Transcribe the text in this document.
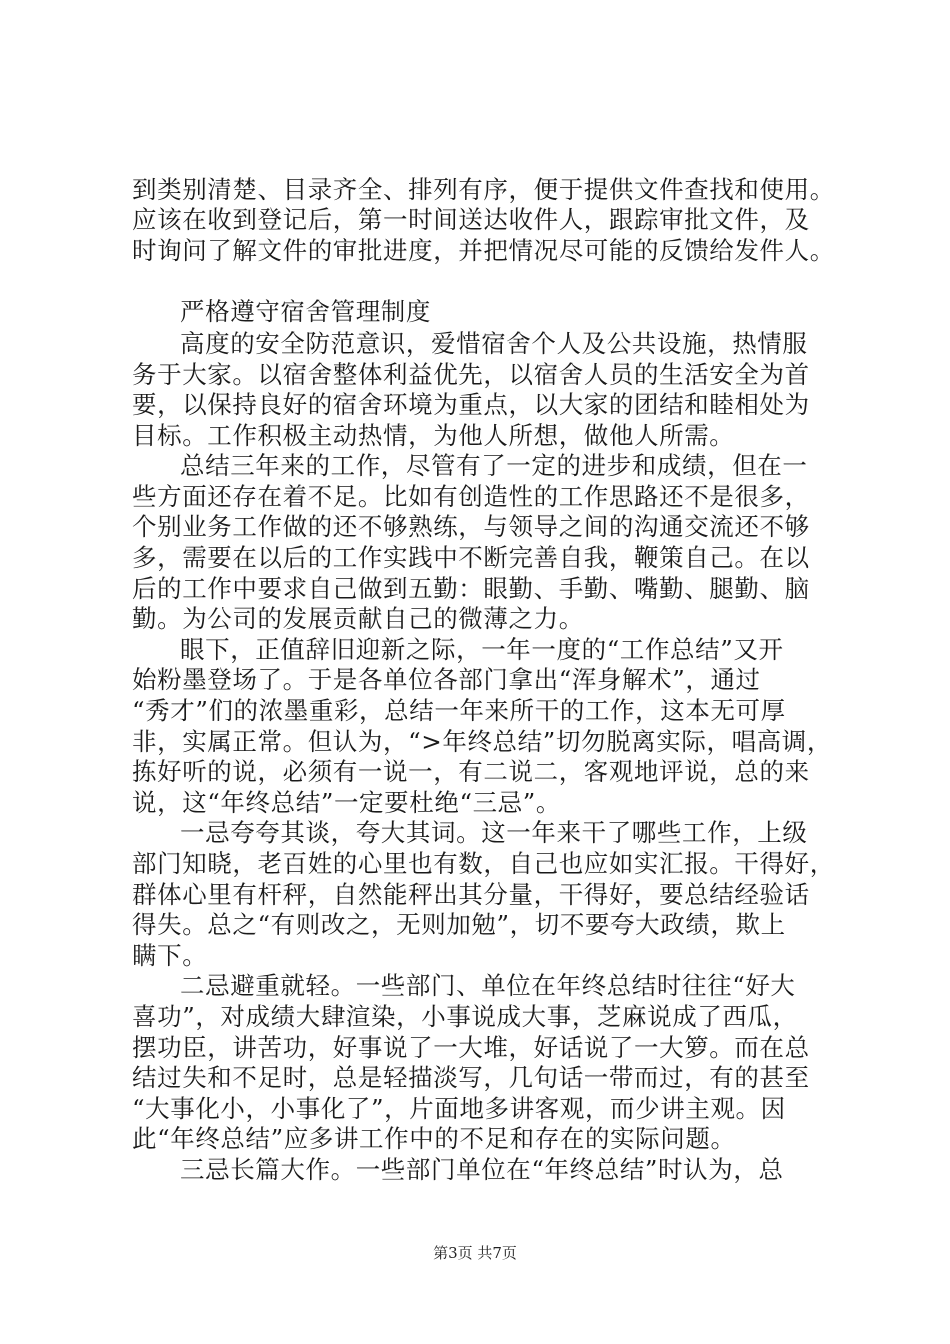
到类别清楚、目录齐全、排列有序，便于提供文件查找和使用。
应该在收到登记后，第一时间送达收件人，跟踪审批文件，及
时询问了解文件的审批进度，并把情况尽可能的反馈给发件人。
严格遵守宿舍管理制度
高度的安全防范意识，爱惜宿舍个人及公共设施，热情服
务于大家。以宿舍整体利益优先，以宿舍人员的生活安全为首
要，以保持良好的宿舍环境为重点，以大家的团结和睦相处为
目标。工作积极主动热情，为他人所想，做他人所需。
总结三年来的工作，尽管有了一定的进步和成绩，但在一
些方面还存在着不足。比如有创造性的工作思路还不是很多，
个别业务工作做的还不够熟练，与领导之间的沟通交流还不够
多，需要在以后的工作实践中不断完善自我，鞭策自己。在以
后的工作中要求自己做到五勤：眼勤、手勤、嘴勤、腿勤、脑
勤。为公司的发展贡献自己的微薄之力。
眼下，正值辞旧迎新之际，一年一度的“工作总结”又开
始粉墨登场了。于是各单位各部门拿出“浑身解术”，通过
“秀才”们的浓墨重彩，总结一年来所干的工作，这本无可厚
非，实属正常。但认为，“>年终总结”切勿脱离实际，唱高调，
拣好听的说，必须有一说一，有二说二，客观地评说，总的来
说，这“年终总结”一定要杜绝“三忌”。
一忌夸夸其谈，夸大其词。这一年来干了哪些工作，上级
部门知晓，老百姓的心里也有数，自己也应如实汇报。干得好，
群体心里有杆秤，自然能秤出其分量，干得好，要总结经验话
得失。总之“有则改之，无则加勉”，切不要夸大政绩，欺上
瞒下。
二忌避重就轻。一些部门、单位在年终总结时往往“好大
喜功”，对成绩大肆渲染，小事说成大事，芝麻说成了西瓜，
摆功臣，讲苦功，好事说了一大堆，好话说了一大箩。而在总
结过失和不足时，总是轻描淡写，几句话一带而过，有的甚至
“大事化小，小事化了”，片面地多讲客观，而少讲主观。因
此“年终总结”应多讲工作中的不足和存在的实际问题。
三忌长篇大作。一些部门单位在“年终总结”时认为，总
第3页 共7页
